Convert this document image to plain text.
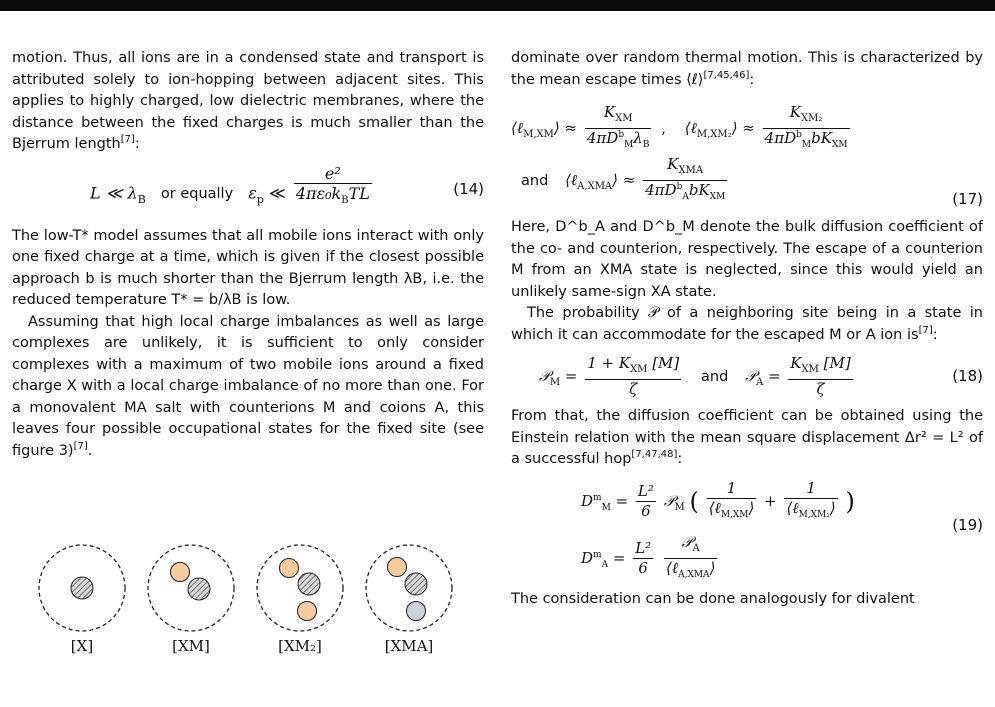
motion. Thus, all ions are in a condensed state and transport is attributed solely to ion-hopping between adjacent sites. This applies to highly charged, low dielectric membranes, where the distance between the fixed charges is much smaller than the Bjerrum length[7]:

L ≪ $\lambda_B$ or equally $\varepsilon_p$ ≪ $\frac{\text{e²}}{4\pi\varepsilon_0k_BTL}$	(14)

The low-T* model assumes that all mobile ions interact with only one fixed charge at a time, which is given if the closest possible approach b is much shorter than the Bjerrum length λB, i.e. the reduced temperature T* = b/λB is low.

Assuming that high local charge imbalances as well as large complexes are unlikely, it is sufficient to only consider complexes with a maximum of two mobile ions around a fixed charge X with a local charge imbalance of no more than one. For a monovalent MA salt with counterions M and coions A, this leaves four possible occupational states for the fixed site (see figure 3)[7].

[X]	[XM]	[XM₂]	[XMA]

dominate over random thermal motion. This is characterized by the mean escape times ⟨ℓ⟩[7,45,46]:

⟨ℓ$_{M,XM}$⟩ ≈ $\frac{K_{XM}}{4\pi D^b_M\lambda_B}$ , ⟨ℓ$_{M,XM_2}$⟩ ≈ $\frac{K_{XM_2}}{4\pi D^b_MbK_{XM}}$
and ⟨ℓ$_{A,XMA}$⟩ ≈ $\frac{K_{XMA}}{4\pi D^b_AbK_{XM}}$	(17)

Here, D^b_A and D^b_M denote the bulk diffusion coefficient of the co- and counterion, respectively. The escape of a counterion M from an XMA state is neglected, since this would yield an unlikely same-sign XA state.

The probability 𝒫 of a neighboring site being in a state in which it can accommodate for the escaped M or A ion is[7]:

𝒫$_M$ = $\frac{1 + K_{XM} [M]}{\zeta}$ and 𝒫$_A$ = $\frac{K_{XM} [M]}{\zeta}$	(18)

From that, the diffusion coefficient can be obtained using the Einstein relation with the mean square displacement Δr² = L² of a successful hop[7,47,48]:

$D^m_M = \frac{\text{L²}}{6}$ 𝒫$_M$ ( $\frac{1}{⟨\ell_{M,XM}⟩} + \frac{1}{⟨\ell_{M,XM_2}⟩}$ )
$D^m_A = \frac{\text{L²}}{6}$
$\frac{𝒫_A}{⟨\ell_{A,XMA}⟩}$
(19)

The consideration can be done analogously for divalent
